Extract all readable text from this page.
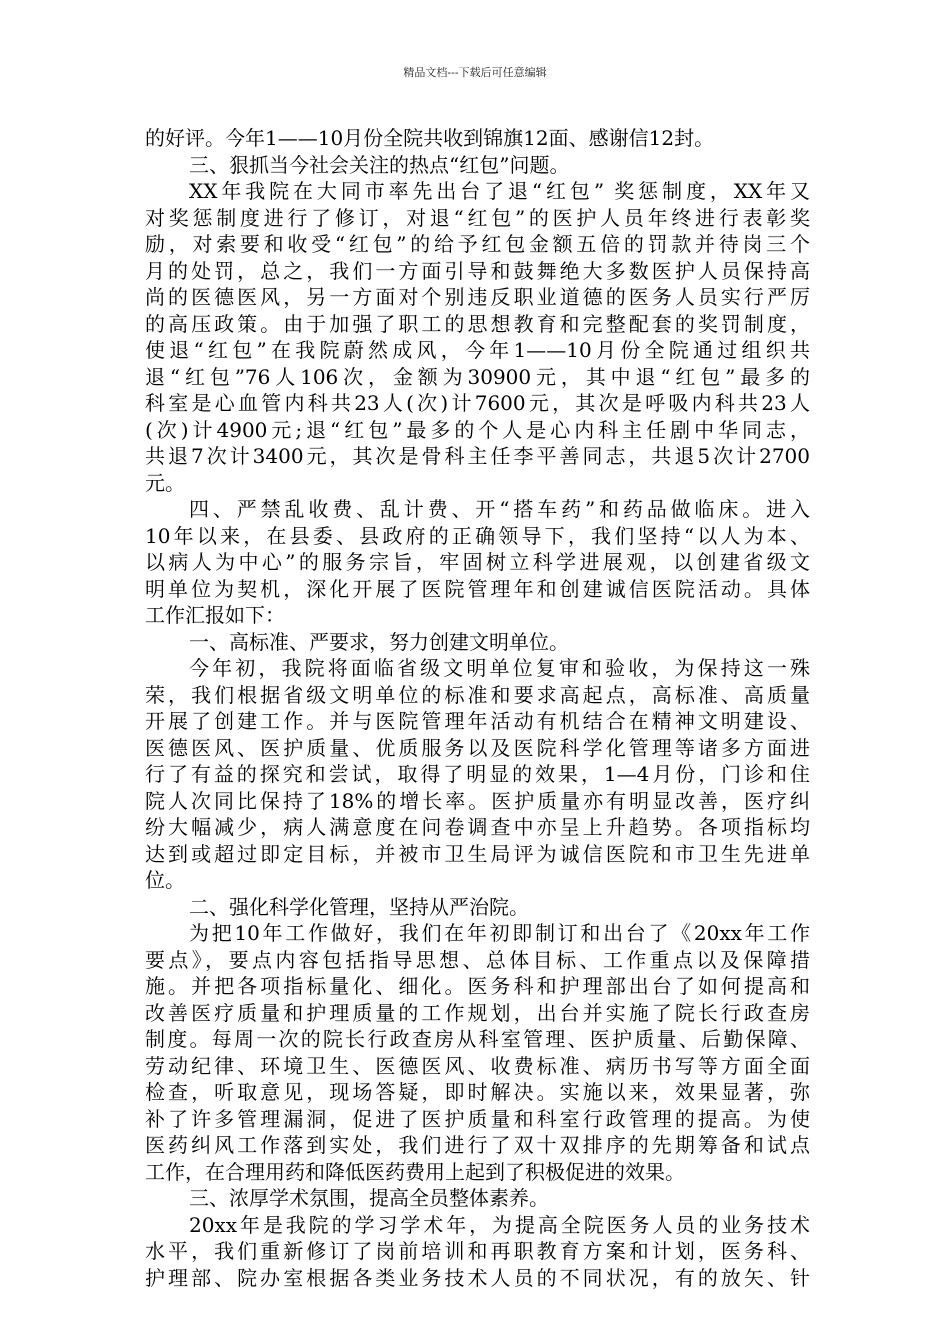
精品文档---下载后可任意编辑
的好评。今年1——10月份全院共收到锦旗12面、感谢信12封。
三、狠抓当今社会关注的热点“红包”问题。
XX年我院在大同市率先出台了退“红包” 奖惩制度，XX年又
对奖惩制度进行了修订，对退“红包”的医护人员年终进行表彰奖
励，对索要和收受“红包”的给予红包金额五倍的罚款并待岗三个
月的处罚，总之，我们一方面引导和鼓舞绝大多数医护人员保持高
尚的医德医风，另一方面对个别违反职业道德的医务人员实行严厉
的高压政策。由于加强了职工的思想教育和完整配套的奖罚制度，
使退“红包”在我院蔚然成风，今年1——10月份全院通过组织共
退“红包”76人106次，金额为30900元，其中退“红包”最多的
科室是心血管内科共23人(次)计7600元，其次是呼吸内科共23人
(次)计4900元;退“红包”最多的个人是心内科主任剧中华同志，
共退7次计3400元，其次是骨科主任李平善同志，共退5次计2700
元。
四、严禁乱收费、乱计费、开“搭车药”和药品做临床。进入
10年以来，在县委、县政府的正确领导下，我们坚持“以人为本、
以病人为中心”的服务宗旨，牢固树立科学进展观，以创建省级文
明单位为契机，深化开展了医院管理年和创建诚信医院活动。具体
工作汇报如下：
一、高标准、严要求，努力创建文明单位。
今年初，我院将面临省级文明单位复审和验收，为保持这一殊
荣，我们根据省级文明单位的标准和要求高起点，高标准、高质量
开展了创建工作。并与医院管理年活动有机结合在精神文明建设、
医德医风、医护质量、优质服务以及医院科学化管理等诸多方面进
行了有益的探究和尝试，取得了明显的效果，1—4月份，门诊和住
院人次同比保持了18%的增长率。医护质量亦有明显改善，医疗纠
纷大幅减少，病人满意度在问卷调查中亦呈上升趋势。各项指标均
达到或超过即定目标，并被市卫生局评为诚信医院和市卫生先进单
位。
二、强化科学化管理，坚持从严治院。
为把10年工作做好，我们在年初即制订和出台了《20xx年工作
要点》，要点内容包括指导思想、总体目标、工作重点以及保障措
施。并把各项指标量化、细化。医务科和护理部出台了如何提高和
改善医疗质量和护理质量的工作规划，出台并实施了院长行政查房
制度。每周一次的院长行政查房从科室管理、医护质量、后勤保障、
劳动纪律、环境卫生、医德医风、收费标准、病历书写等方面全面
检查，听取意见，现场答疑，即时解决。实施以来，效果显著，弥
补了许多管理漏洞，促进了医护质量和科室行政管理的提高。为使
医药纠风工作落到实处，我们进行了双十双排序的先期筹备和试点
工作，在合理用药和降低医药费用上起到了积极促进的效果。
三、浓厚学术氛围，提高全员整体素养。
20xx年是我院的学习学术年，为提高全院医务人员的业务技术
水平，我们重新修订了岗前培训和再职教育方案和计划，医务科、
护理部、院办室根据各类业务技术人员的不同状况，有的放矢、针
